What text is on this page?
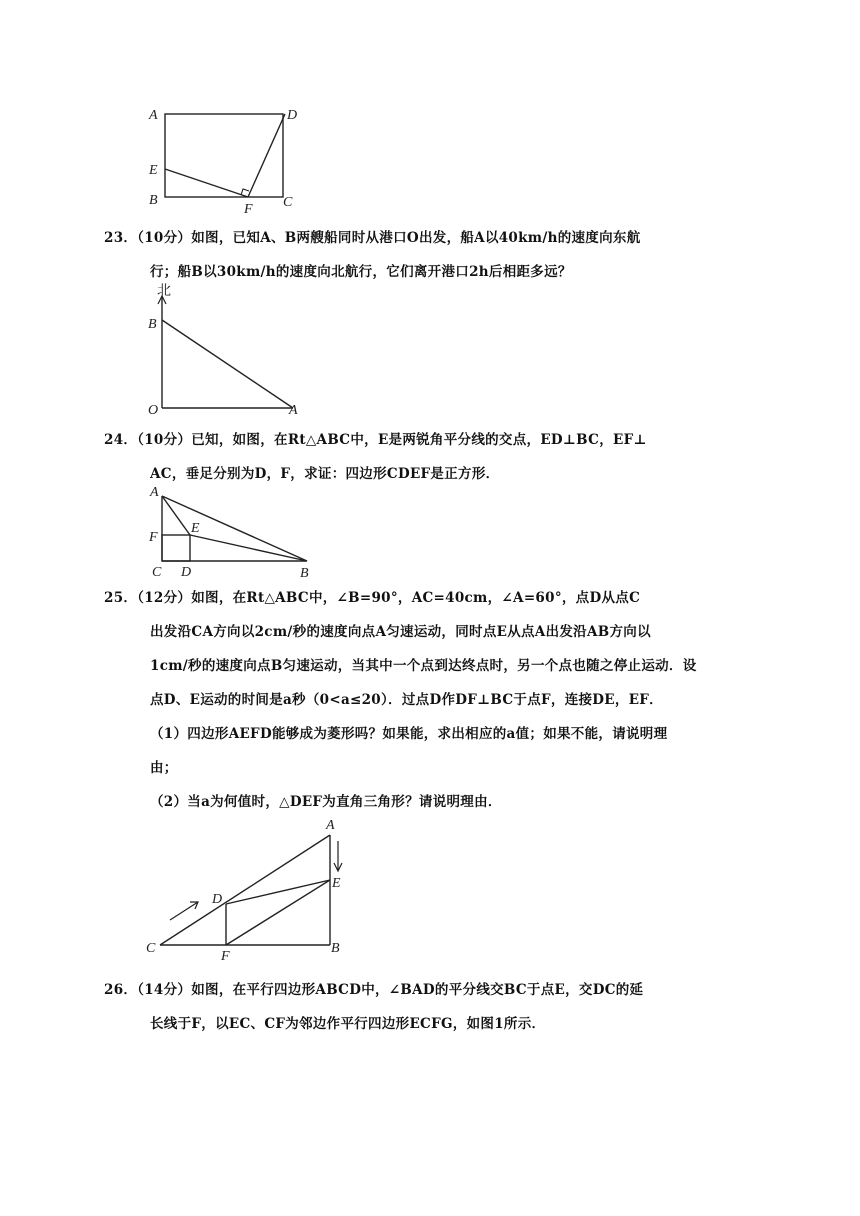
A	D
E
B
F C
23．（10分）如图，已知A、B两艘船同时从港口O出发，船A以40km/h的速度向东航
行；船B以30km/h的速度向北航行，它们离开港口2h后相距多远？
北
B
O	A
24．（10分）已知，如图，在Rt△ABC中，E是两锐角平分线的交点，ED⊥BC，EF⊥
AC，垂足分别为D，F，求证：四边形CDEF是正方形．
A
E
F
C D	B
25．（12分）如图，在Rt△ABC中，∠B=90°，AC=40cm，∠A=60°，点D从点C
出发沿CA方向以2cm/秒的速度向点A匀速运动，同时点E从点A出发沿AB方向以
1cm/秒的速度向点B匀速运动，当其中一个点到达终点时，另一个点也随之停止运动．设
点D、E运动的时间是a秒（0<a≤20）．过点D作DF⊥BC于点F，连接DE，EF．
（1）四边形AEFD能够成为菱形吗？如果能，求出相应的a值；如果不能，请说明理
由；
（2）当a为何值时，△DEF为直角三角形？请说明理由．
A
D
E
C
F
B
26．（14分）如图，在平行四边形ABCD中，∠BAD的平分线交BC于点E，交DC的延
长线于F，以EC、CF为邻边作平行四边形ECFG，如图1所示．
